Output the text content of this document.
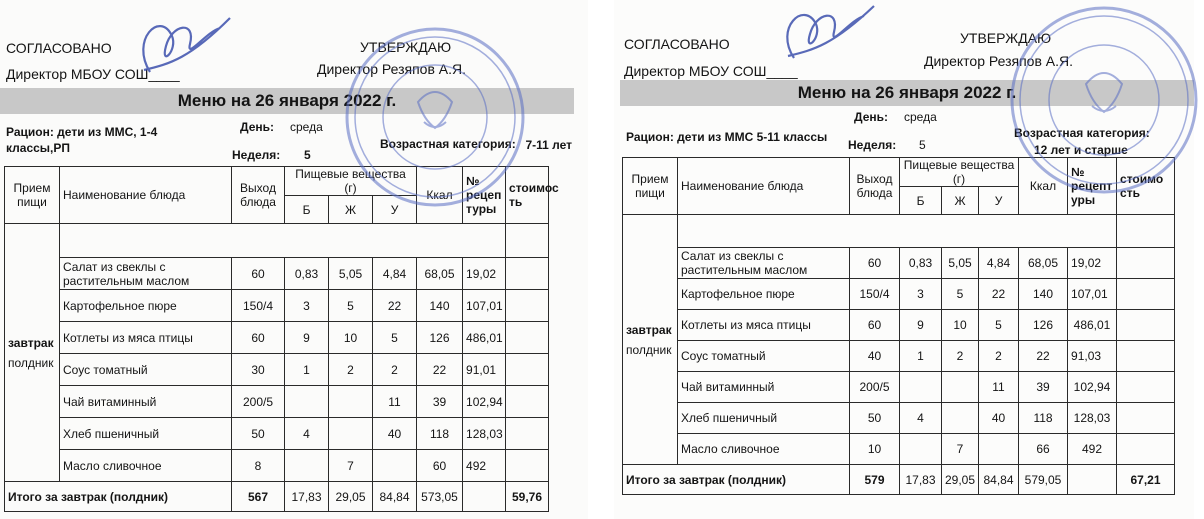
СОГЛАСОВАНО
Директор МБОУ СОШ____
УТВЕРЖДАЮ
Директор Резяпов А.Я.
Меню на 26 января 2022 г.
Рацион: дети из ММС, 1-4 классы,РП
День: среда
Неделя: 5
Возрастная категория: 7-11 лет
Прием пищи	Наименование блюда	Выход блюда	Пищевые вещества (г)			Ккал	№ рецеп туры	стоимос ть
			Б	Ж	У			
завтрак
полдник								
	Салат из свеклы с растительным маслом	60	0,83	5,05	4,84	68,05	19,02	
	Картофельное пюре	150/4	3	5	22	140	107,01	
	Котлеты из мяса птицы	60	9	10	5	126	486,01	
	Соус томатный	30	1	2	2	22	91,01	
	Чай витаминный	200/5			11	39	102,94	
	Хлеб пшеничный	50	4		40	118	128,03	
	Масло сливочное	8		7		60	492	
Итого за завтрак (полдник)		567	17,83	29,05	84,84	573,05		59,76
СОГЛАСОВАНО
Директор МБОУ СОШ____
УТВЕРЖДАЮ
Директор Резяпов А.Я.
Меню на 26 января 2022 г.
Рацион: дети из ММС 5-11 классы
День: среда
Неделя: 5
Возрастная категория:
12 лет и старше
Прием пищи	Наименование блюда	Выход блюда	Пищевые вещества (г)			Ккал	№ рецепт уры	стоимо сть
			Б	Ж	У			
завтрак
полдник								
	Салат из свеклы с растительным маслом	60	0,83	5,05	4,84	68,05	19,02	
	Картофельное пюре	150/4	3	5	22	140	107,01	
	Котлеты из мяса птицы	60	9	10	5	126	486,01	
	Соус томатный	40	1	2	2	22	91,03	
	Чай витаминный	200/5			11	39	102,94	
	Хлеб пшеничный	50	4		40	118	128,03	
	Масло сливочное	10		7		66	492	
Итого за завтрак (полдник)		579	17,83	29,05	84,84	579,05		67,21
